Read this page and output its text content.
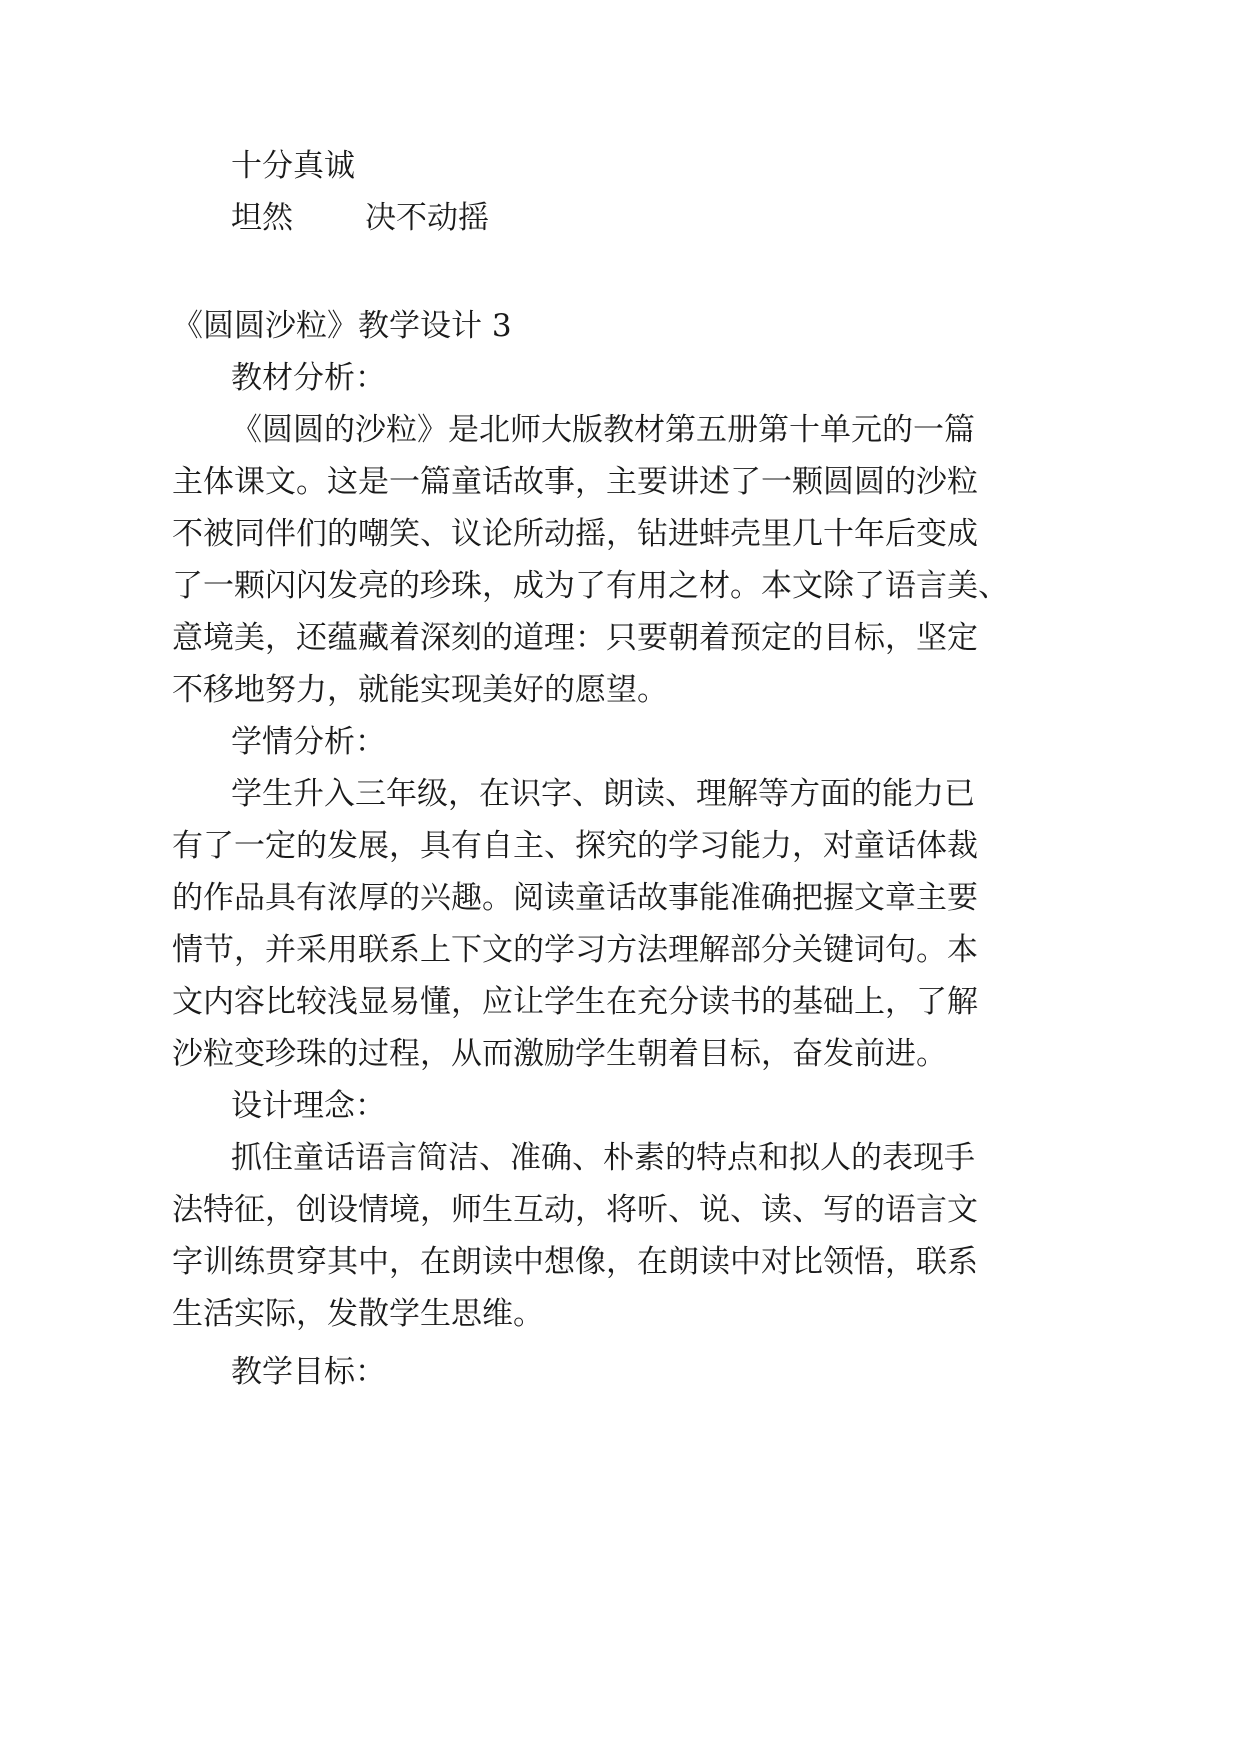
十分真诚
坦然 决不动摇
《圆圆沙粒》教学设计 3
教材分析：
《圆圆的沙粒》是北师大版教材第五册第十单元的一篇
主体课文。这是一篇童话故事，主要讲述了一颗圆圆的沙粒
不被同伴们的嘲笑、议论所动摇，钻进蚌壳里几十年后变成
了一颗闪闪发亮的珍珠，成为了有用之材。本文除了语言美、
意境美，还蕴藏着深刻的道理：只要朝着预定的目标，坚定
不移地努力，就能实现美好的愿望。
学情分析：
学生升入三年级，在识字、朗读、理解等方面的能力已
有了一定的发展，具有自主、探究的学习能力，对童话体裁
的作品具有浓厚的兴趣。阅读童话故事能准确把握文章主要
情节，并采用联系上下文的学习方法理解部分关键词句。本
文内容比较浅显易懂，应让学生在充分读书的基础上，了解
沙粒变珍珠的过程，从而激励学生朝着目标，奋发前进。
设计理念：
抓住童话语言简洁、准确、朴素的特点和拟人的表现手
法特征，创设情境，师生互动，将听、说、读、写的语言文
字训练贯穿其中，在朗读中想像，在朗读中对比领悟，联系
生活实际，发散学生思维。
教学目标：
